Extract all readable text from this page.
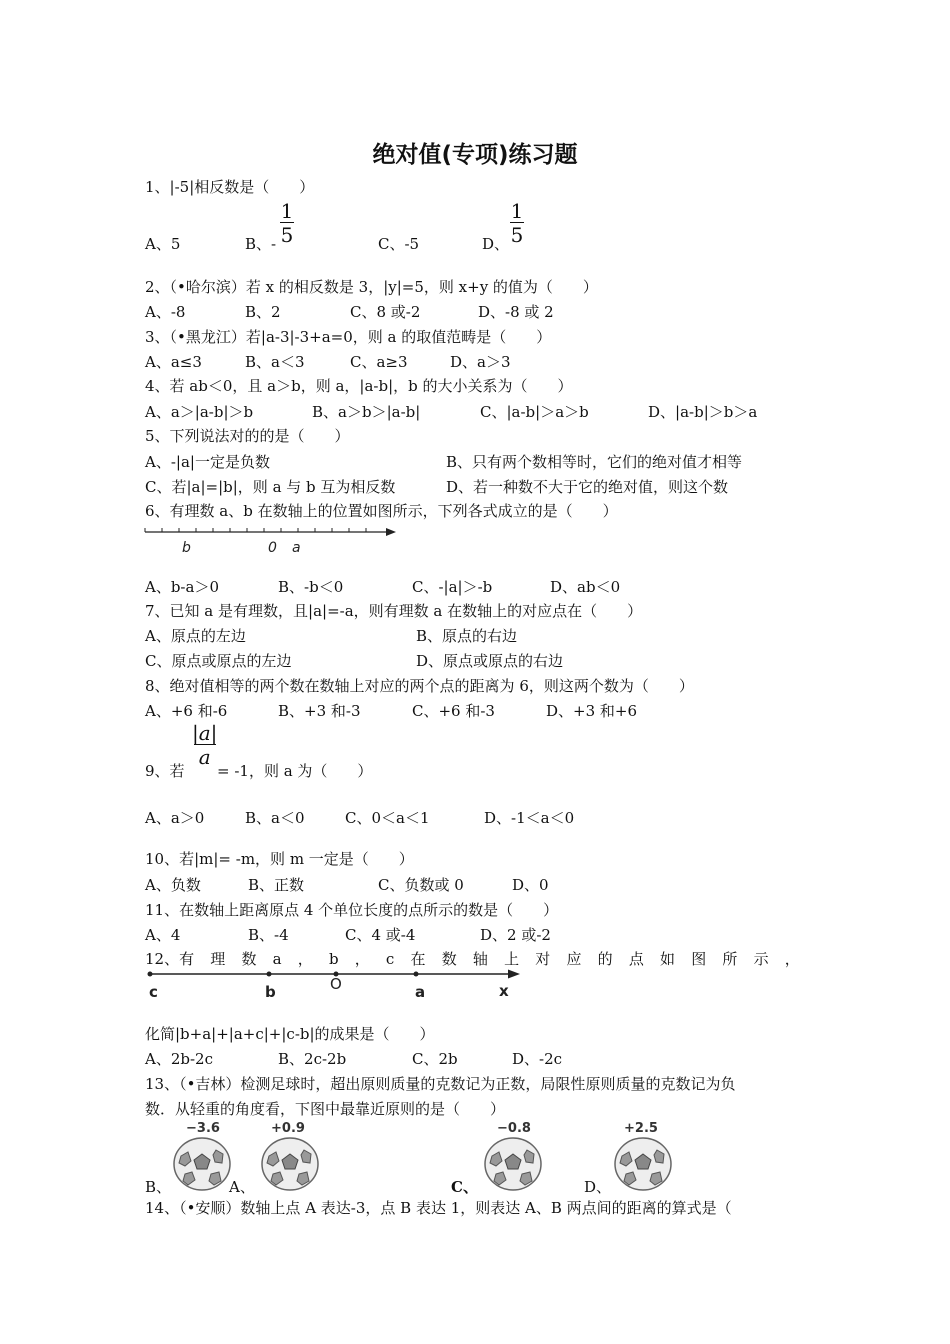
绝对值(专项)练习题
1、|-5|相反数是（　　）
A、5	B、-
1
5	C、-5	D、
1
5
2、（•哈尔滨）若 x 的相反数是 3，|y|=5，则 x+y 的值为（　　）
A、-8	B、2	C、8 或-2	D、-8 或 2
3、（•黑龙江）若|a-3|-3+a=0，则 a 的取值范畴是（　　）
A、a≤3	B、a＜3	C、a≥3	D、a＞3
4、若 ab＜0，且 a＞b，则 a，|a-b|，b 的大小关系为（　　）
A、a＞|a-b|＞b	B、a＞b＞|a-b|	C、|a-b|＞a＞b	D、|a-b|＞b＞a
5、下列说法对的的是（　　）
A、-|a|一定是负数	B、只有两个数相等时，它们的绝对值才相等
C、若|a|=|b|，则 a 与 b 互为相反数	D、若一种数不大于它的绝对值，则这个数
6、有理数 a、b 在数轴上的位置如图所示，下列各式成立的是（　　）
b	0 a
A、b-a＞0	B、-b＜0	C、-|a|＞-b	D、ab＜0
7、已知 a 是有理数，且|a|=-a，则有理数 a 在数轴上的对应点在（　　）
A、原点的左边	B、原点的右边
C、原点或原点的左边	D、原点或原点的右边
8、绝对值相等的两个数在数轴上对应的两个点的距离为 6，则这两个数为（　　）
A、+6 和-6	B、+3 和-3	C、+6 和-3	D、+3 和+6
9、若
|a|
a
= -1，则 a 为（　　）
A、a＞0	B、a＜0	C、0＜a＜1	D、-1＜a＜0
10、若|m|= -m，则 m 一定是（　　）
A、负数	B、正数	C、负数或 0	D、0
11、在数轴上距离原点 4 个单位长度的点所示的数是（　　）
A、4	B、-4	C、4 或-4	D、2 或-2
12、有 理 数 a ， b ， c 在 数 轴 上 对 应 的 点 如 图 所 示 ，
c	b	O	a	x
化简|b+a|+|a+c|+|c-b|的成果是（　　）
A、2b-2c	B、2c-2b	C、2b	D、-2c
13、（•吉林）检测足球时，超出原则质量的克数记为正数，局限性原则质量的克数记为负
数．从轻重的角度看，下图中最靠近原则的是（　　）
B、
−3.6
A、
+0.9
C、
−0.8
D、
+2.5
14、（•安顺）数轴上点 A 表达-3，点 B 表达 1，则表达 A、B 两点间的距离的算式是（
